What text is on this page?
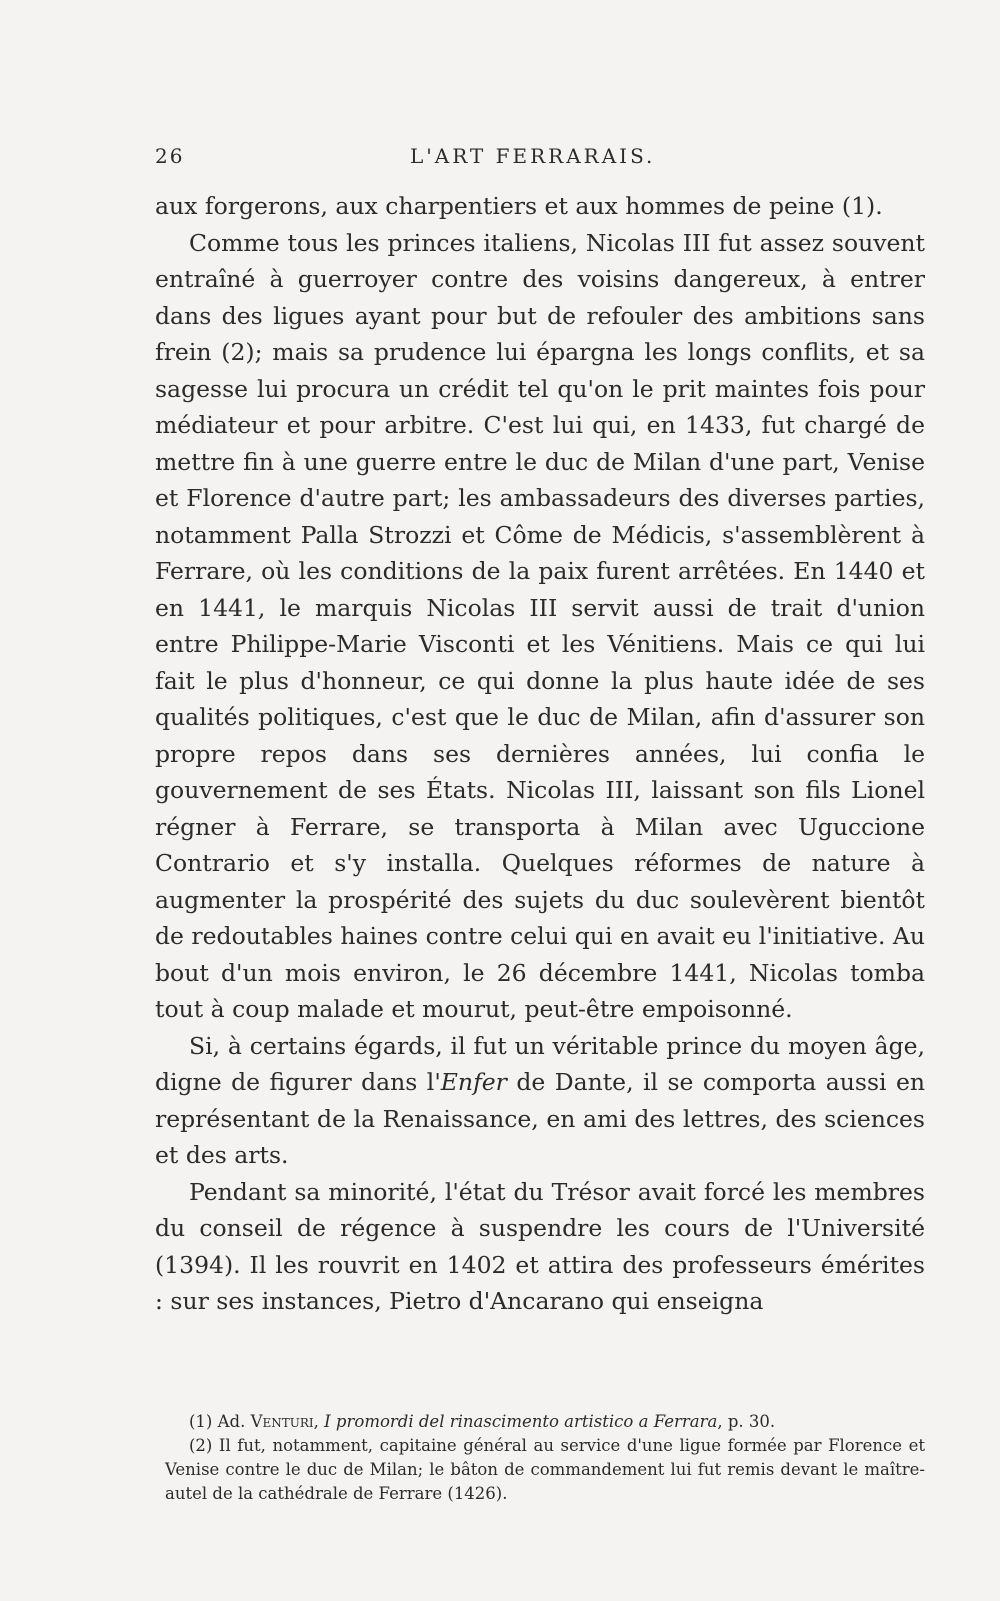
26	L'ART FERRARAIS.

aux forgerons, aux charpentiers et aux hommes de peine (1).

Comme tous les princes italiens, Nicolas III fut assez souvent entraîné à guerroyer contre des voisins dangereux, à entrer dans des ligues ayant pour but de refouler des ambitions sans frein (2); mais sa prudence lui épargna les longs conflits, et sa sagesse lui procura un crédit tel qu'on le prit maintes fois pour médiateur et pour arbitre. C'est lui qui, en 1433, fut chargé de mettre fin à une guerre entre le duc de Milan d'une part, Venise et Florence d'autre part; les ambassadeurs des diverses parties, notamment Palla Strozzi et Côme de Médicis, s'assemblèrent à Ferrare, où les conditions de la paix furent arrêtées. En 1440 et en 1441, le marquis Nicolas III servit aussi de trait d'union entre Philippe-Marie Visconti et les Vénitiens. Mais ce qui lui fait le plus d'honneur, ce qui donne la plus haute idée de ses qualités politiques, c'est que le duc de Milan, afin d'assurer son propre repos dans ses dernières années, lui confia le gouvernement de ses États. Nicolas III, laissant son fils Lionel régner à Ferrare, se transporta à Milan avec Uguccione Contrario et s'y installa. Quelques réformes de nature à augmenter la prospérité des sujets du duc soulevèrent bientôt de redoutables haines contre celui qui en avait eu l'initiative. Au bout d'un mois environ, le 26 décembre 1441, Nicolas tomba tout à coup malade et mourut, peut-être empoisonné.

Si, à certains égards, il fut un véritable prince du moyen âge, digne de figurer dans l'Enfer de Dante, il se comporta aussi en représentant de la Renaissance, en ami des lettres, des sciences et des arts.

Pendant sa minorité, l'état du Trésor avait forcé les membres du conseil de régence à suspendre les cours de l'Université (1394). Il les rouvrit en 1402 et attira des professeurs émérites : sur ses instances, Pietro d'Ancarano qui enseigna

(1) Ad. Venturi, I promordi del rinascimento artistico a Ferrara, p. 30.

(2) Il fut, notamment, capitaine général au service d'une ligue formée par Florence et Venise contre le duc de Milan; le bâton de commandement lui fut remis devant le maître-autel de la cathédrale de Ferrare (1426).
